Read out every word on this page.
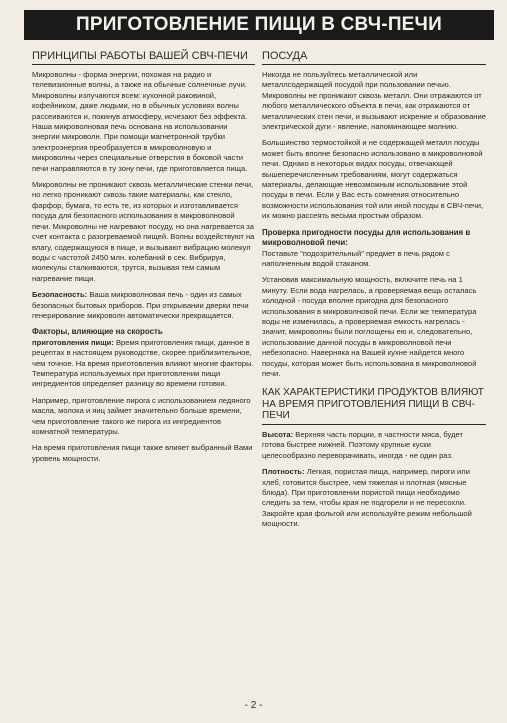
ПРИГОТОВЛЕНИЕ ПИЩИ В СВЧ-ПЕЧИ
ПРИНЦИПЫ РАБОТЫ ВАШЕЙ СВЧ-ПЕЧИ

Микроволны - форма энергии, похожая на радио и телевизионные волны, а также на обычные солнечные лучи. Микроволны излучаются всем: кухонной раковиной, кофейником, даже людьми, но в обычных условиях волны рассеиваются и, покинув атмосферу, исчезают без эффекта. Наша микроволновая печь основана на использовании энергии микроволн. При помощи магнетронной трубки электроэнергия преобразуется в микроволновую и микроволны через специальные отверстия в боковой части печи направляются в ту зону печи, где приготовляется пища.

Микроволны не проникают сквозь металлические стенки печи, но легко проникают сквозь такие материалы, как стекло, фарфор, бумага, то есть те, из которых и изготавливается посуда для безопасного использования в микроволновой печи. Микроволны не нагревают посуду, но она нагревается за счет контакта с разогреваемой пищей. Волны воздействуют на влагу, содержащуюся в пище, и вызывают вибрацию молекул воды с частотой 2450 млн. колебаний в сек. Вибрируя, молекулы сталкиваются, трутся, вызывая тем самым нагревание пищи.

Безопасность: Ваша микроволновая печь - один из самых безопасных бытовых приборов. При открывании дверки печи генерирование микроволн автоматически прекращается.

Факторы, влияющие на скорость

приготовления пищи: Время приготовления пищи, данное в рецептах в настоящем руководстве, скорее приблизительное, чем точное. На время приготовления влияют многие факторы. Температура используемых при приготовлении пищи ингредиентов определяет разницу во времени готовки.

Например, приготовление пирога с использованием ледяного масла, молока и яиц займет значительно больше времени, чем приготовление такого же пирога из ингредиентов комнатной температуры.

На время приготовления пищи также влияет выбранный Вами уровень мощности.

ПОСУДА

Никогда не пользуйтесь металлической или металлсодержащей посудой при пользовании печью. Микроволны не проникают сквозь металл. Они отражаются от любого металлического объекта в печи, как отражаются от металлических стен печи, и вызывают искрение и образование электрической дуги - явление, напоминающее молнию.

Большинство термостойкой и не содержащей металл посуды может быть вполне безопасно использовано в микроволновой печи. Однако в некоторых видах посуды, отвечающей вышеперечисленным требованиям, могут содержаться материалы, делающие невозможным использование этой посуды в печи. Если у Вас есть сомнения относительно возможности использования той или иной посуды в СВЧ-печи, их можно рассеять весьма простым образом.

Проверка пригодности посуды для использования в микроволновой печи:

Поставьте "подозрительный" предмет в печь рядом с наполненным водой стаканом.

Установив максимальную мощность, включите печь на 1 минуту. Если вода нагрелась, а проверяемая вещь осталась холодной - посуда вполне пригодна для безопасного использования в микроволновой печи. Если же температура воды не изменилась, а проверяемая емкость нагрелась - значит, микроволны были поглощены ею и, следовательно, использование данной посуды в микроволновой печи небезопасно. Наверняка на Вашей кухне найдется много посуды, которая может быть использована в микроволновой печи.

КАК ХАРАКТЕРИСТИКИ ПРОДУКТОВ ВЛИЯЮТ НА ВРЕМЯ ПРИГОТОВЛЕНИЯ ПИЩИ В СВЧ-ПЕЧИ

Высота: Верхняя часть порции, в частности мяса, будет готова быстрее нижней. Поэтому крупные куски целесообразно переворачивать, иногда - не один раз.

Плотность: Легкая, пористая пища, например, пироги или хлеб, готовится быстрее, чем тяжелая и плотная (мясные блюда). При приготовлении пористой пищи необходимо следить за тем, чтобы края не подгорели и не пересохли. Закройте края фольгой или используйте режим небольшой мощности.

- 2 -
